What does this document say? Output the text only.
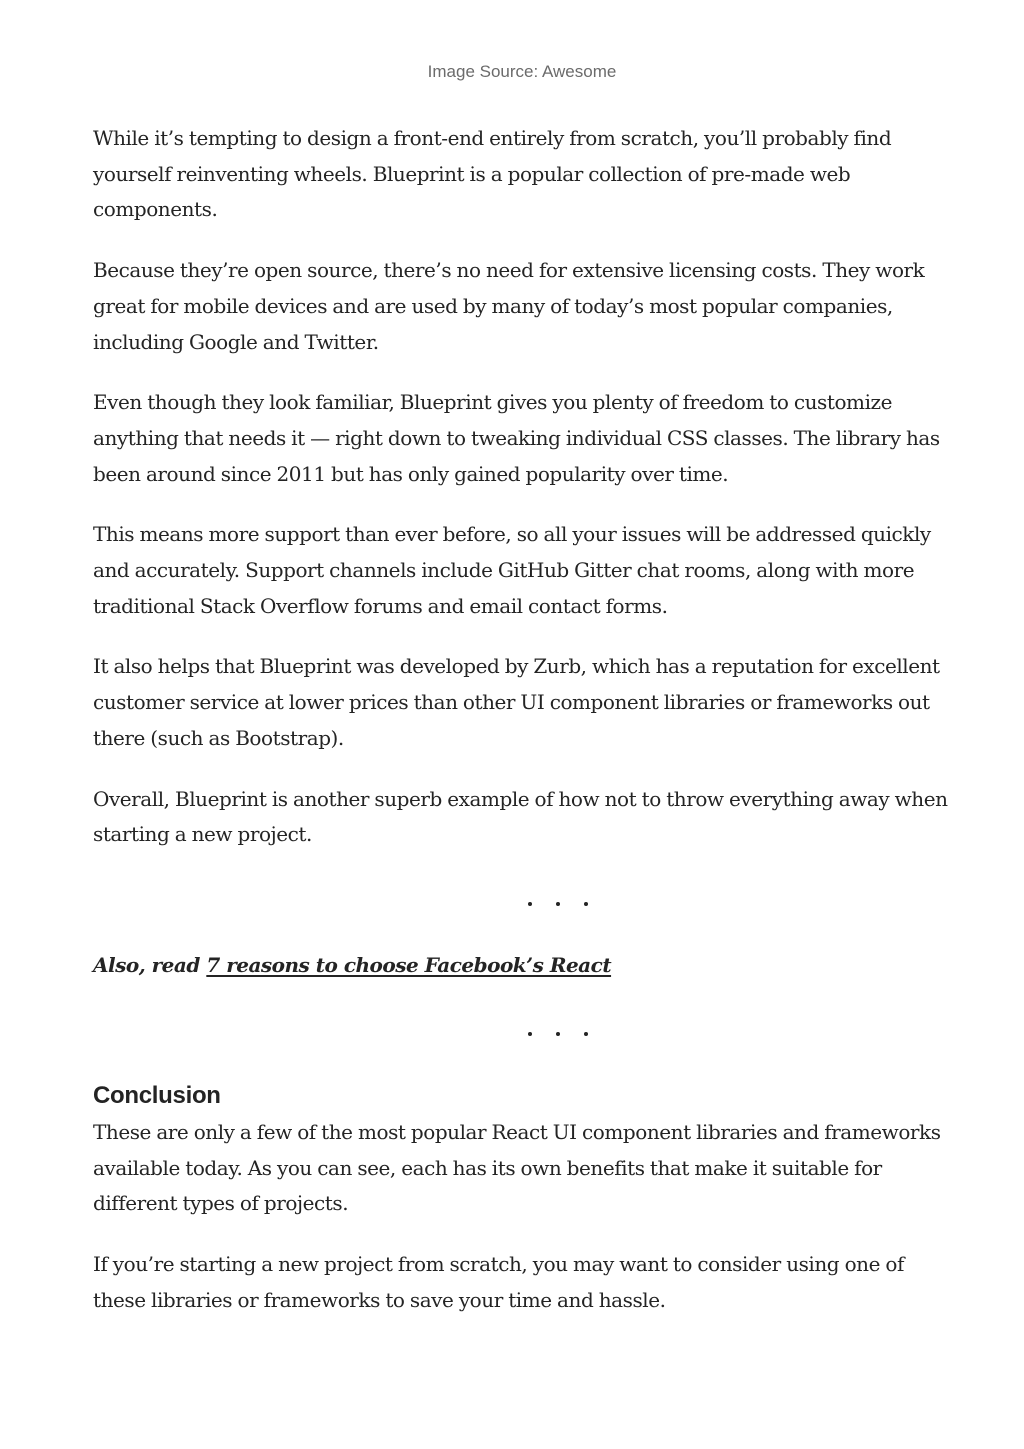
Image Source: Awesome

While it’s tempting to design a front-end entirely from scratch, you’ll probably find yourself reinventing wheels. Blueprint is a popular collection of pre-made web components.

Because they’re open source, there’s no need for extensive licensing costs. They work great for mobile devices and are used by many of today’s most popular companies, including Google and Twitter.

Even though they look familiar, Blueprint gives you plenty of freedom to customize anything that needs it — right down to tweaking individual CSS classes. The library has been around since 2011 but has only gained popularity over time.

This means more support than ever before, so all your issues will be addressed quickly and accurately. Support channels include GitHub Gitter chat rooms, along with more traditional Stack Overflow forums and email contact forms.

It also helps that Blueprint was developed by Zurb, which has a reputation for excellent customer service at lower prices than other UI component libraries or frameworks out there (such as Bootstrap).

Overall, Blueprint is another superb example of how not to throw everything away when starting a new project.

Also, read 7 reasons to choose Facebook’s React

Conclusion

These are only a few of the most popular React UI component libraries and frameworks available today. As you can see, each has its own benefits that make it suitable for different types of projects.

If you’re starting a new project from scratch, you may want to consider using one of these libraries or frameworks to save your time and hassle.
